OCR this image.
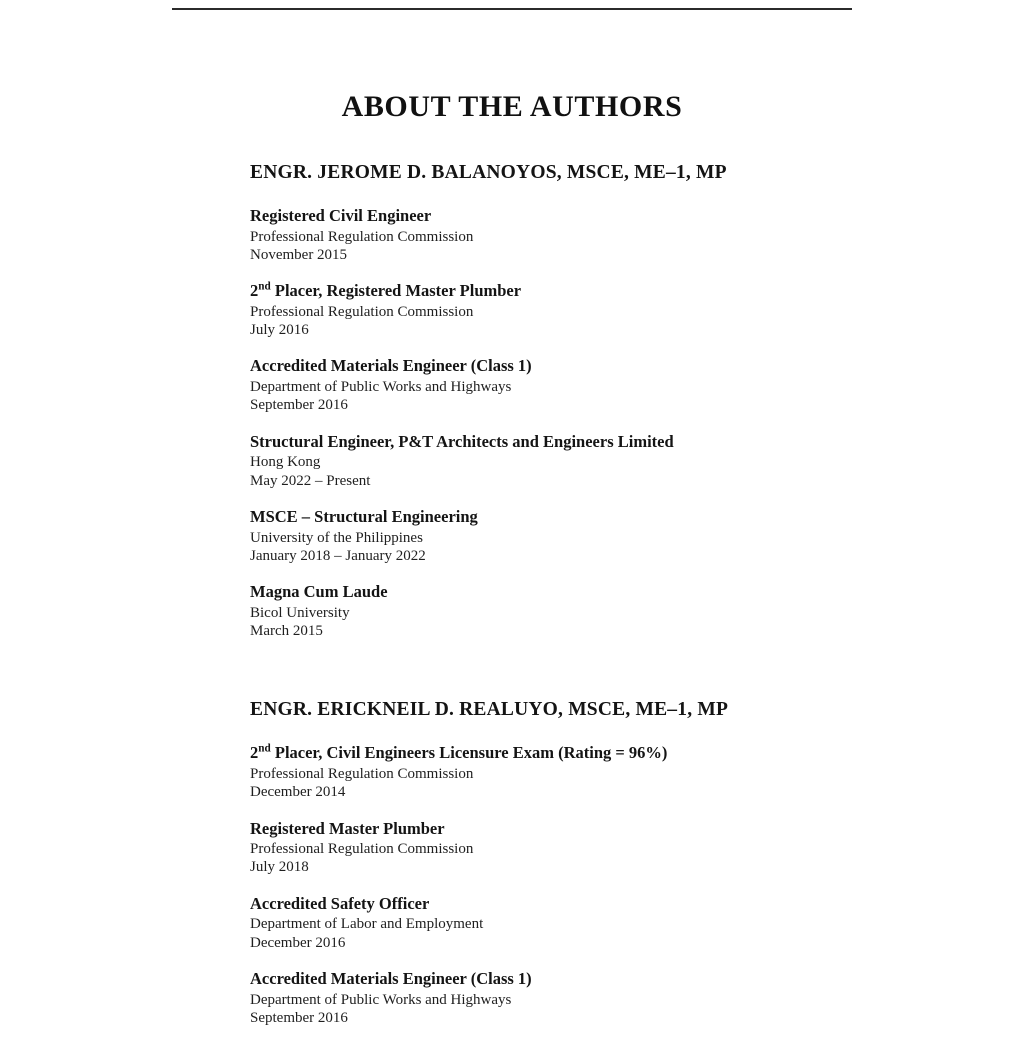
ABOUT THE AUTHORS
ENGR. JEROME D. BALANOYOS, MSCE, ME–1, MP

Registered Civil Engineer

Professional Regulation Commission

November 2015

2nd Placer, Registered Master Plumber

Professional Regulation Commission

July 2016

Accredited Materials Engineer (Class 1)

Department of Public Works and Highways

September 2016

Structural Engineer, P&T Architects and Engineers Limited

Hong Kong

May 2022 – Present

MSCE – Structural Engineering

University of the Philippines

January 2018 – January 2022

Magna Cum Laude

Bicol University

March 2015

ENGR. ERICKNEIL D. REALUYO, MSCE, ME–1, MP

2nd Placer, Civil Engineers Licensure Exam (Rating = 96%)

Professional Regulation Commission

December 2014

Registered Master Plumber

Professional Regulation Commission

July 2018

Accredited Safety Officer

Department of Labor and Employment

December 2016

Accredited Materials Engineer (Class 1)

Department of Public Works and Highways

September 2016
